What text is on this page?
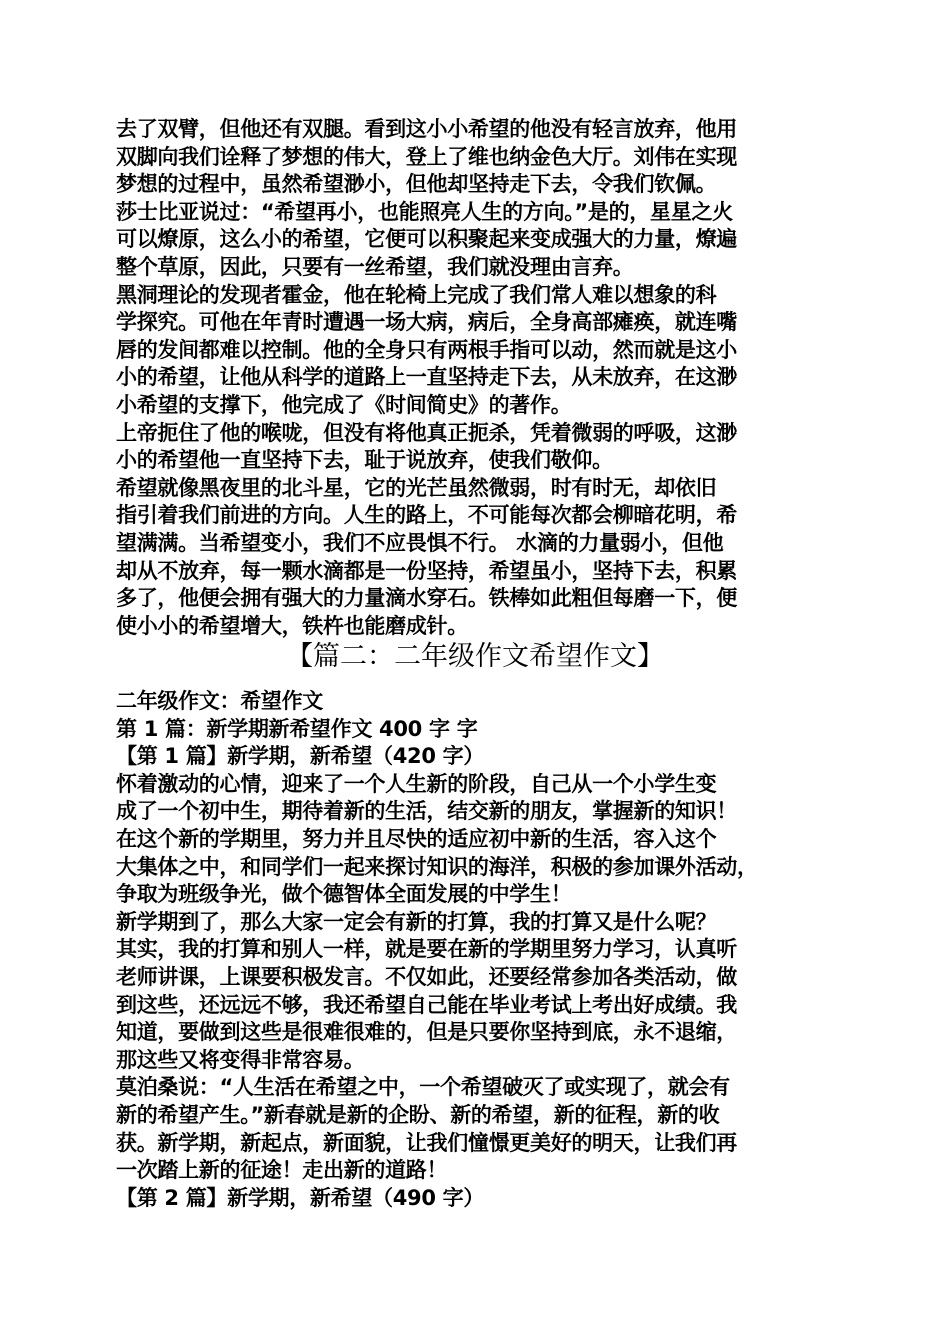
去了双臂，但他还有双腿。看到这小小希望的他没有轻言放弃，他用
双脚向我们诠释了梦想的伟大，登上了维也纳金色大厅。刘伟在实现
梦想的过程中，虽然希望渺小，但他却坚持走下去，令我们钦佩。
莎士比亚说过：“希望再小，也能照亮人生的方向。”是的，星星之火
可以燎原，这么小的希望，它便可以积聚起来变成强大的力量，燎遍
整个草原，因此，只要有一丝希望，我们就没理由言弃。
黑洞理论的发现者霍金，他在轮椅上完成了我们常人难以想象的科
学探究。可他在年青时遭遇一场大病，病后，全身高部瘫痪，就连嘴
唇的发间都难以控制。他的全身只有两根手指可以动，然而就是这小
小的希望，让他从科学的道路上一直坚持走下去，从未放弃，在这渺
小希望的支撑下，他完成了《时间简史》的著作。
上帝扼住了他的喉咙，但没有将他真正扼杀，凭着微弱的呼吸，这渺
小的希望他一直坚持下去，耻于说放弃，使我们敬仰。
希望就像黑夜里的北斗星，它的光芒虽然微弱，时有时无，却依旧
指引着我们前进的方向。人生的路上，不可能每次都会柳暗花明，希
望满满。当希望变小，我们不应畏惧不行。 水滴的力量弱小，但他
却从不放弃，每一颗水滴都是一份坚持，希望虽小，坚持下去，积累
多了，他便会拥有强大的力量滴水穿石。铁棒如此粗但每磨一下，便
使小小的希望增大，铁杵也能磨成针。
【篇二：二年级作文希望作文】
二年级作文：希望作文
第 1 篇：新学期新希望作文 400 字 字
【第 1 篇】新学期，新希望（420 字）
怀着激动的心情，迎来了一个人生新的阶段，自己从一个小学生变
成了一个初中生，期待着新的生活，结交新的朋友，掌握新的知识！
在这个新的学期里，努力并且尽快的适应初中新的生活，容入这个
大集体之中，和同学们一起来探讨知识的海洋，积极的参加课外活动，
争取为班级争光，做个德智体全面发展的中学生！
新学期到了，那么大家一定会有新的打算，我的打算又是什么呢？
其实，我的打算和别人一样，就是要在新的学期里努力学习，认真听
老师讲课，上课要积极发言。不仅如此，还要经常参加各类活动，做
到这些，还远远不够，我还希望自己能在毕业考试上考出好成绩。我
知道，要做到这些是很难很难的，但是只要你坚持到底，永不退缩，
那这些又将变得非常容易。
莫泊桑说：“人生活在希望之中，一个希望破灭了或实现了，就会有
新的希望产生。”新春就是新的企盼、新的希望，新的征程，新的收
获。新学期，新起点，新面貌，让我们憧憬更美好的明天，让我们再
一次踏上新的征途！走出新的道路！
【第 2 篇】新学期，新希望（490 字）
